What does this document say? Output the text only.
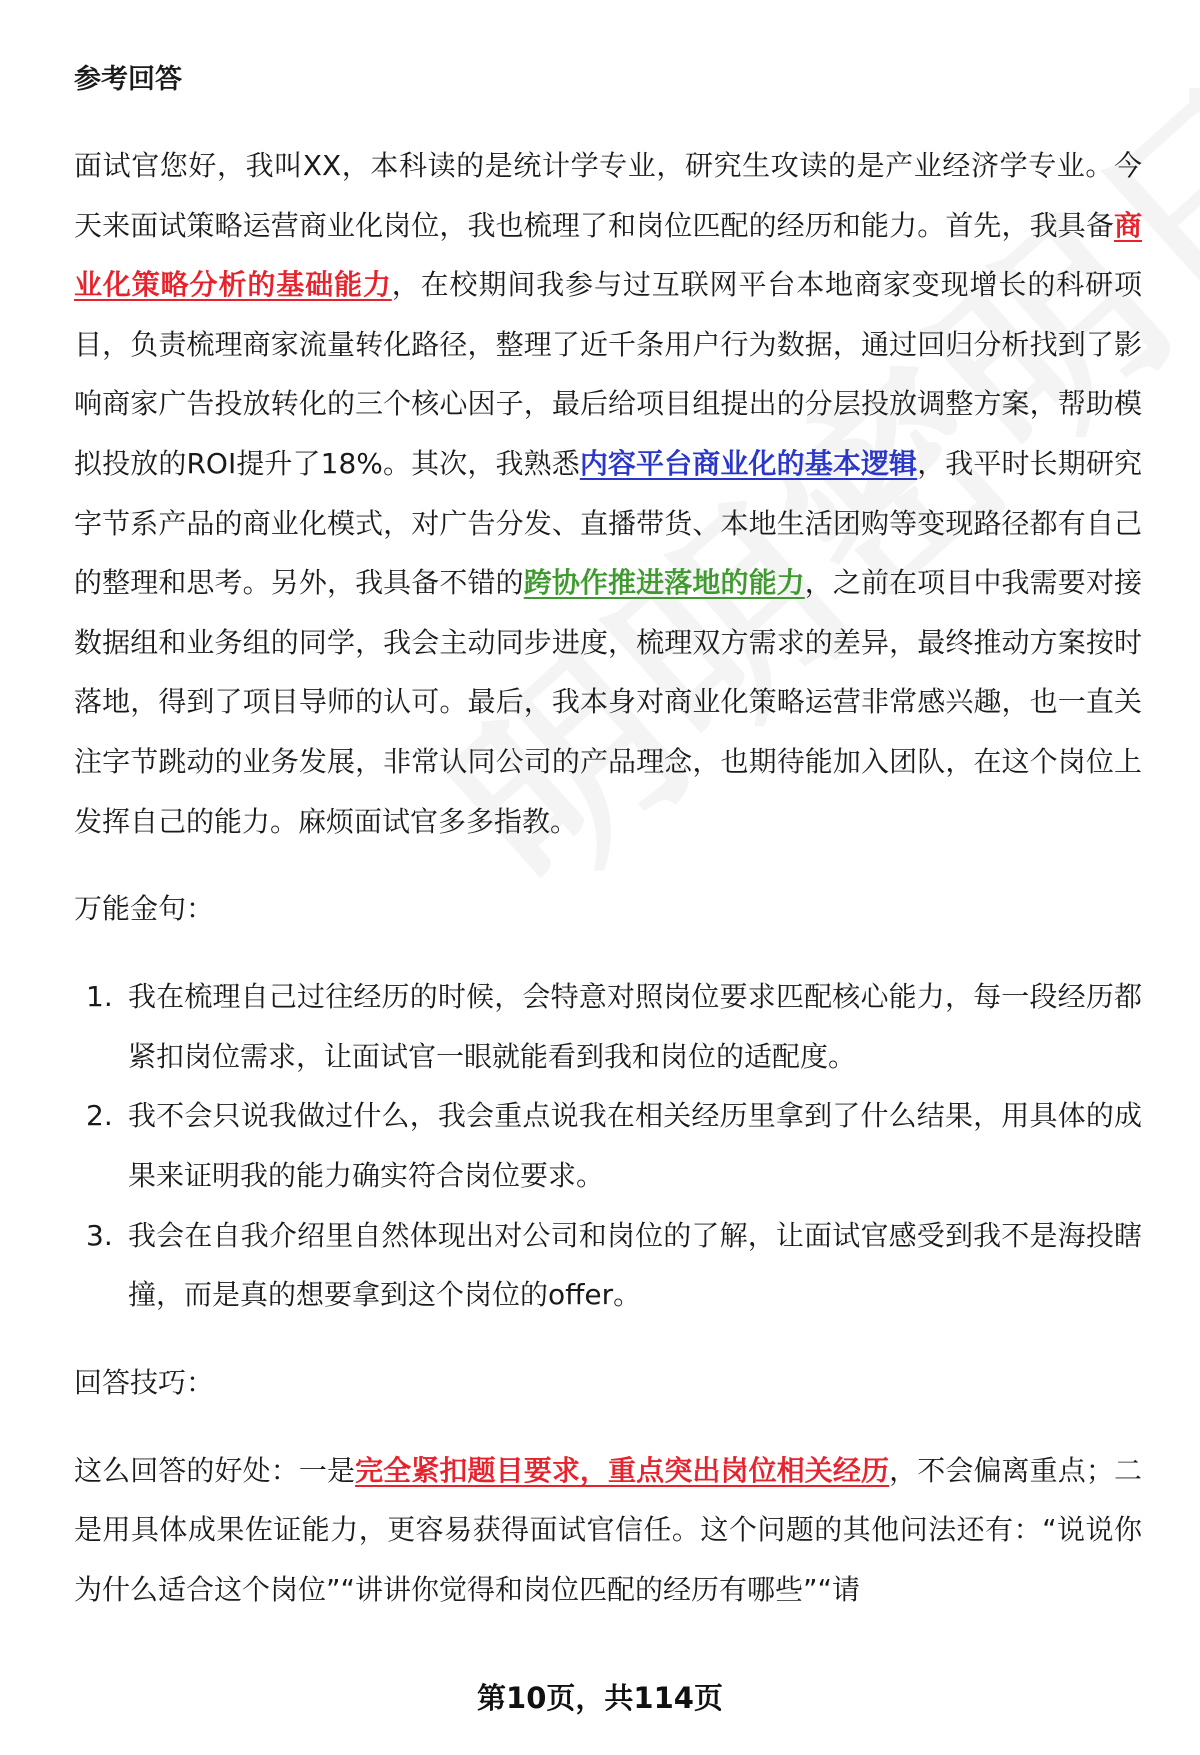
参考回答

面试官您好，我叫XX，本科读的是统计学专业，研究生攻读的是产业经济学专业。今天来面试策略运营商业化岗位，我也梳理了和岗位匹配的经历和能力。首先，我具备商业化策略分析的基础能力，在校期间我参与过互联网平台本地商家变现增长的科研项目，负责梳理商家流量转化路径，整理了近千条用户行为数据，通过回归分析找到了影响商家广告投放转化的三个核心因子，最后给项目组提出的分层投放调整方案，帮助模拟投放的ROI提升了18%。其次，我熟悉内容平台商业化的基本逻辑，我平时长期研究字节系产品的商业化模式，对广告分发、直播带货、本地生活团购等变现路径都有自己的整理和思考。另外，我具备不错的跨协作推进落地的能力，之前在项目中我需要对接数据组和业务组的同学，我会主动同步进度，梳理双方需求的差异，最终推动方案按时落地，得到了项目导师的认可。最后，我本身对商业化策略运营非常感兴趣，也一直关注字节跳动的业务发展，非常认同公司的产品理念，也期待能加入团队，在这个岗位上发挥自己的能力。麻烦面试官多多指教。

万能金句：
1. 我在梳理自己过往经历的时候，会特意对照岗位要求匹配核心能力，每一段经历都紧扣岗位需求，让面试官一眼就能看到我和岗位的适配度。
2. 我不会只说我做过什么，我会重点说我在相关经历里拿到了什么结果，用具体的成果来证明我的能力确实符合岗位要求。
3. 我会在自我介绍里自然体现出对公司和岗位的了解，让面试官感受到我不是海投瞎撞，而是真的想要拿到这个岗位的offer。
回答技巧：

这么回答的好处：一是完全紧扣题目要求，重点突出岗位相关经历，不会偏离重点；二是用具体成果佐证能力，更容易获得面试官信任。这个问题的其他问法还有：“说说你为什么适合这个岗位”“讲讲你觉得和岗位匹配的经历有哪些”“请

第10页，共114页
